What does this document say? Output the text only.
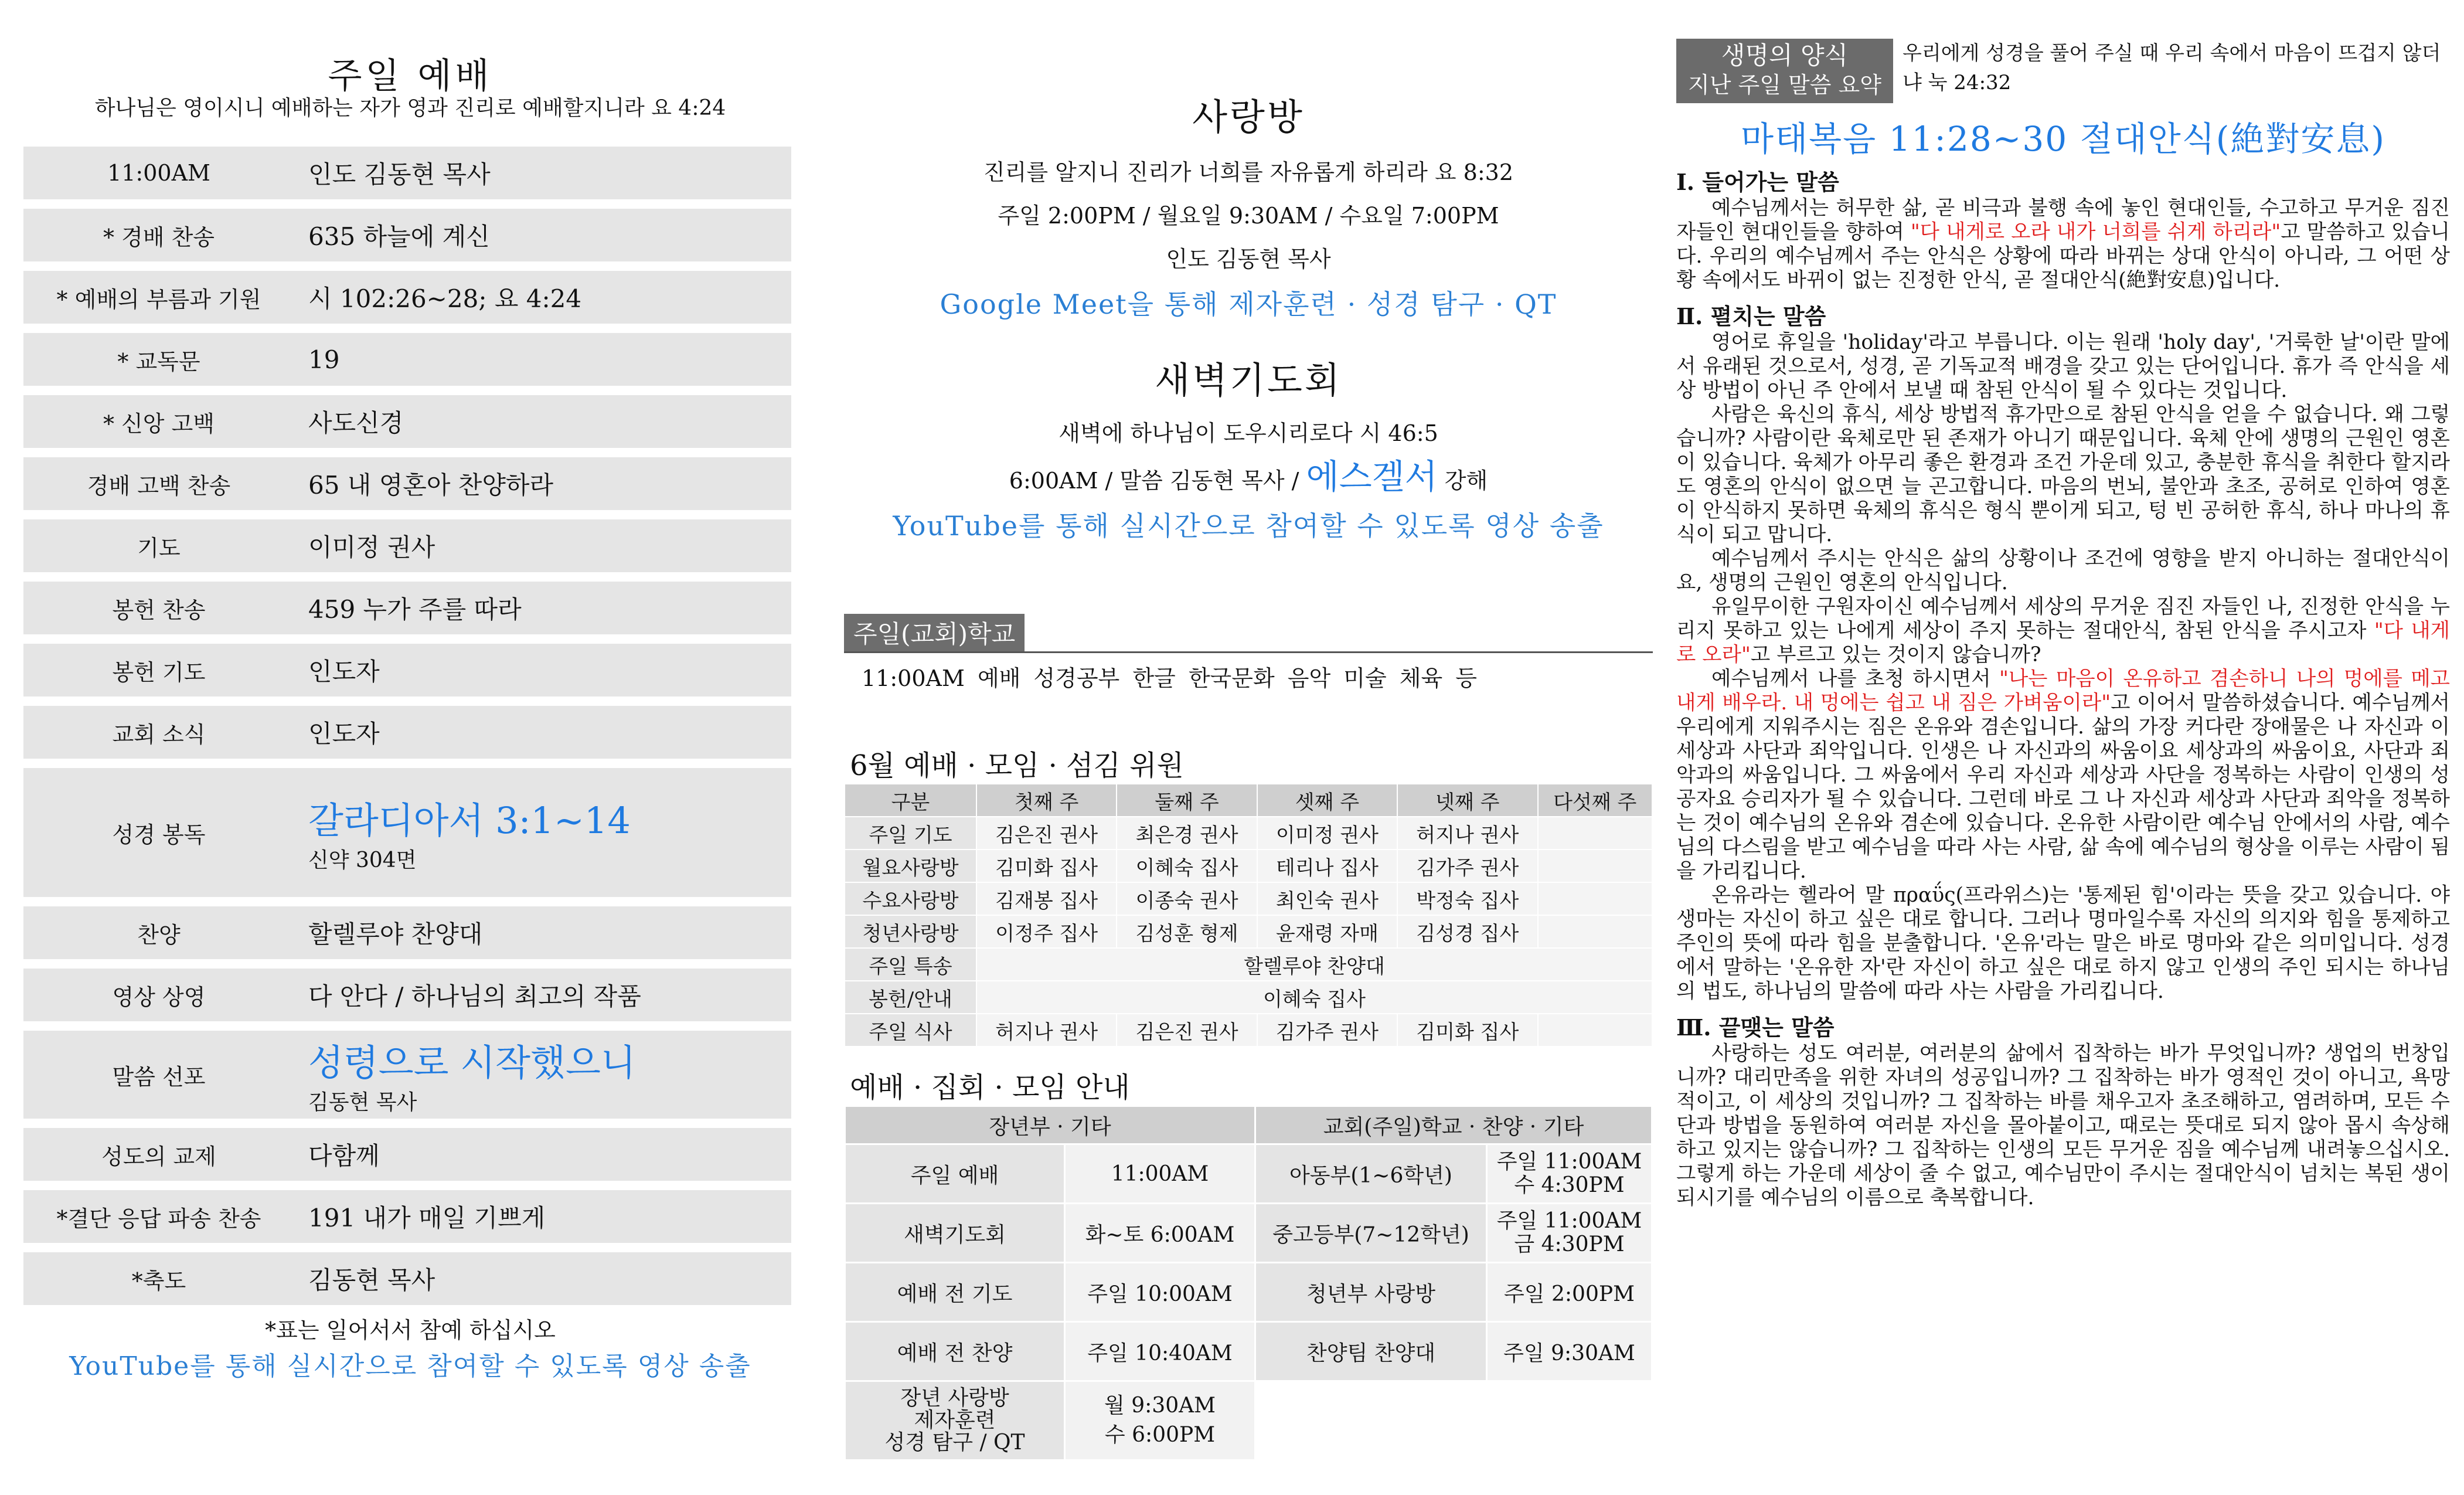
주일 예배
하나님은 영이시니 예배하는 자가 영과 진리로 예배할지니라 요 4:24
11:00AM	인도 김동현 목사
* 경배 찬송	635 하늘에 계신
* 예배의 부름과 기원	시 102:26~28; 요 4:24
* 교독문	19
* 신앙 고백	사도신경
경배 고백 찬송	65 내 영혼아 찬양하라
기도	이미정 권사
봉헌 찬송	459 누가 주를 따라
봉헌 기도	인도자
교회 소식	인도자
성경 봉독	갈라디아서 3:1~14
신약 304면
찬양	할렐루야 찬양대
영상 상영	다 안다 / 하나님의 최고의 작품
말씀 선포	성령으로 시작했으니
김동현 목사
성도의 교제	다함께
*결단 응답 파송 찬송	191 내가 매일 기쁘게
*축도	김동현 목사
*표는 일어서서 참예 하십시오
YouTube를 통해 실시간으로 참여할 수 있도록 영상 송출
사랑방
진리를 알지니 진리가 너희를 자유롭게 하리라 요 8:32
주일 2:00PM / 월요일 9:30AM / 수요일 7:00PM
인도 김동현 목사
Google Meet을 통해 제자훈련 · 성경 탐구 · QT
새벽기도회
새벽에 하나님이 도우시리로다 시 46:5
6:00AM / 말씀 김동현 목사 / 에스겔서 강해
YouTube를 통해 실시간으로 참여할 수 있도록 영상 송출
주일(교회)학교
11:00AM 예배 성경공부 한글 한국문화 음악 미술 체육 등
6월 예배 · 모임 · 섬김 위원
구분	첫째 주	둘째 주	셋째 주	넷째 주	다섯째 주
주일 기도	김은진 권사	최은경 권사	이미정 권사	허지나 권사	
월요사랑방	김미화 집사	이혜숙 집사	테리나 집사	김가주 권사	
수요사랑방	김재봉 집사	이종숙 권사	최인숙 권사	박정숙 집사	
청년사랑방	이정주 집사	김성훈 형제	윤재령 자매	김성경 집사	
주일 특송	할렐루야 찬양대				
봉헌/안내	이혜숙 집사				
주일 식사	허지나 권사	김은진 권사	김가주 권사	김미화 집사	
예배 · 집회 · 모임 안내
장년부 · 기타		교회(주일)학교 · 찬양 · 기타	
주일 예배	11:00AM	아동부(1~6학년)	주일 11:00AM
수 4:30PM
새벽기도회	화~토 6:00AM	중고등부(7~12학년)	주일 11:00AM
금 4:30PM
예배 전 기도	주일 10:00AM	청년부 사랑방	주일 2:00PM
예배 전 찬양	주일 10:40AM	찬양팀 찬양대	주일 9:30AM
장년 사랑방
제자훈련
성경 탐구 / QT	월 9:30AM
수 6:00PM		
생명의 양식
지난 주일 말씀 요약
우리에게 성경을 풀어 주실 때 우리 속에서 마음이 뜨겁지 않더냐 눅 24:32
마태복음 11:28~30 절대안식(絶對安息)
Ⅰ. 들어가는 말씀

예수님께서는 허무한 삶, 곧 비극과 불행 속에 놓인 현대인들, 수고하고 무거운 짐진 자들인 현대인들을 향하여 "다 내게로 오라 내가 너희를 쉬게 하리라"고 말씀하고 있습니다. 우리의 예수님께서 주는 안식은 상황에 따라 바뀌는 상대 안식이 아니라, 그 어떤 상황 속에서도 바뀌이 없는 진정한 안식, 곧 절대안식(絶對安息)입니다.

Ⅱ. 펼치는 말씀

영어로 휴일을 'holiday'라고 부릅니다. 이는 원래 'holy day', '거룩한 날'이란 말에서 유래된 것으로서, 성경, 곧 기독교적 배경을 갖고 있는 단어입니다. 휴가 즉 안식을 세상 방법이 아닌 주 안에서 보낼 때 참된 안식이 될 수 있다는 것입니다.

사람은 육신의 휴식, 세상 방법적 휴가만으로 참된 안식을 얻을 수 없습니다. 왜 그렇습니까? 사람이란 육체로만 된 존재가 아니기 때문입니다. 육체 안에 생명의 근원인 영혼이 있습니다. 육체가 아무리 좋은 환경과 조건 가운데 있고, 충분한 휴식을 취한다 할지라도 영혼의 안식이 없으면 늘 곤고합니다. 마음의 번뇌, 불안과 초조, 공허로 인하여 영혼이 안식하지 못하면 육체의 휴식은 형식 뿐이게 되고, 텅 빈 공허한 휴식, 하나 마나의 휴식이 되고 맙니다.

예수님께서 주시는 안식은 삶의 상황이나 조건에 영향을 받지 아니하는 절대안식이요, 생명의 근원인 영혼의 안식입니다.

유일무이한 구원자이신 예수님께서 세상의 무거운 짐진 자들인 나, 진정한 안식을 누리지 못하고 있는 나에게 세상이 주지 못하는 절대안식, 참된 안식을 주시고자 "다 내게로 오라"고 부르고 있는 것이지 않습니까?

예수님께서 나를 초청 하시면서 "나는 마음이 온유하고 겸손하니 나의 멍에를 메고 내게 배우라. 내 멍에는 쉽고 내 짐은 가벼움이라"고 이어서 말씀하셨습니다. 예수님께서 우리에게 지워주시는 짐은 온유와 겸손입니다. 삶의 가장 커다란 장애물은 나 자신과 이 세상과 사단과 죄악입니다. 인생은 나 자신과의 싸움이요 세상과의 싸움이요, 사단과 죄악과의 싸움입니다. 그 싸움에서 우리 자신과 세상과 사단을 정복하는 사람이 인생의 성공자요 승리자가 될 수 있습니다. 그런데 바로 그 나 자신과 세상과 사단과 죄악을 정복하는 것이 예수님의 온유와 겸손에 있습니다. 온유한 사람이란 예수님 안에서의 사람, 예수님의 다스림을 받고 예수님을 따라 사는 사람, 삶 속에 예수님의 형상을 이루는 사람이 됨을 가리킵니다.

온유라는 헬라어 말 πραΰς(프라위스)는 '통제된 힘'이라는 뜻을 갖고 있습니다. 야생마는 자신이 하고 싶은 대로 합니다. 그러나 명마일수록 자신의 의지와 힘을 통제하고 주인의 뜻에 따라 힘을 분출합니다. '온유'라는 말은 바로 명마와 같은 의미입니다. 성경에서 말하는 '온유한 자'란 자신이 하고 싶은 대로 하지 않고 인생의 주인 되시는 하나님의 법도, 하나님의 말씀에 따라 사는 사람을 가리킵니다.

Ⅲ. 끝맺는 말씀

사랑하는 성도 여러분, 여러분의 삶에서 집착하는 바가 무엇입니까? 생업의 번창입니까? 대리만족을 위한 자녀의 성공입니까? 그 집착하는 바가 영적인 것이 아니고, 욕망적이고, 이 세상의 것입니까? 그 집착하는 바를 채우고자 초조해하고, 염려하며, 모든 수단과 방법을 동원하여 여러분 자신을 몰아붙이고, 때로는 뜻대로 되지 않아 몹시 속상해하고 있지는 않습니까? 그 집착하는 인생의 모든 무거운 짐을 예수님께 내려놓으십시오. 그렇게 하는 가운데 세상이 줄 수 없고, 예수님만이 주시는 절대안식이 넘치는 복된 생이 되시기를 예수님의 이름으로 축복합니다.
